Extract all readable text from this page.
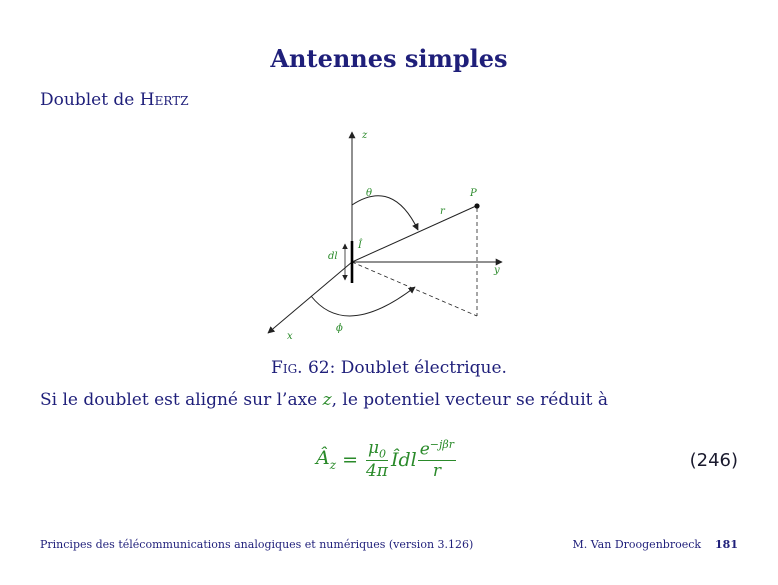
Antennes simples
Doublet de Hertz
z
y
x
P
r
θ
ϕ
dl
Î
Fig. 62: Doublet électrique.
Si le doublet est aligné sur l’axe z, le potentiel vecteur se réduit à
$Â_z = \frac{\mu_0}{4\pi}$ Îdl $e^{-j\beta r}$
r
(246)
Principes des télécommunications analogiques et numériques (version 3.126)	M. Van Droogenbroeck 181
